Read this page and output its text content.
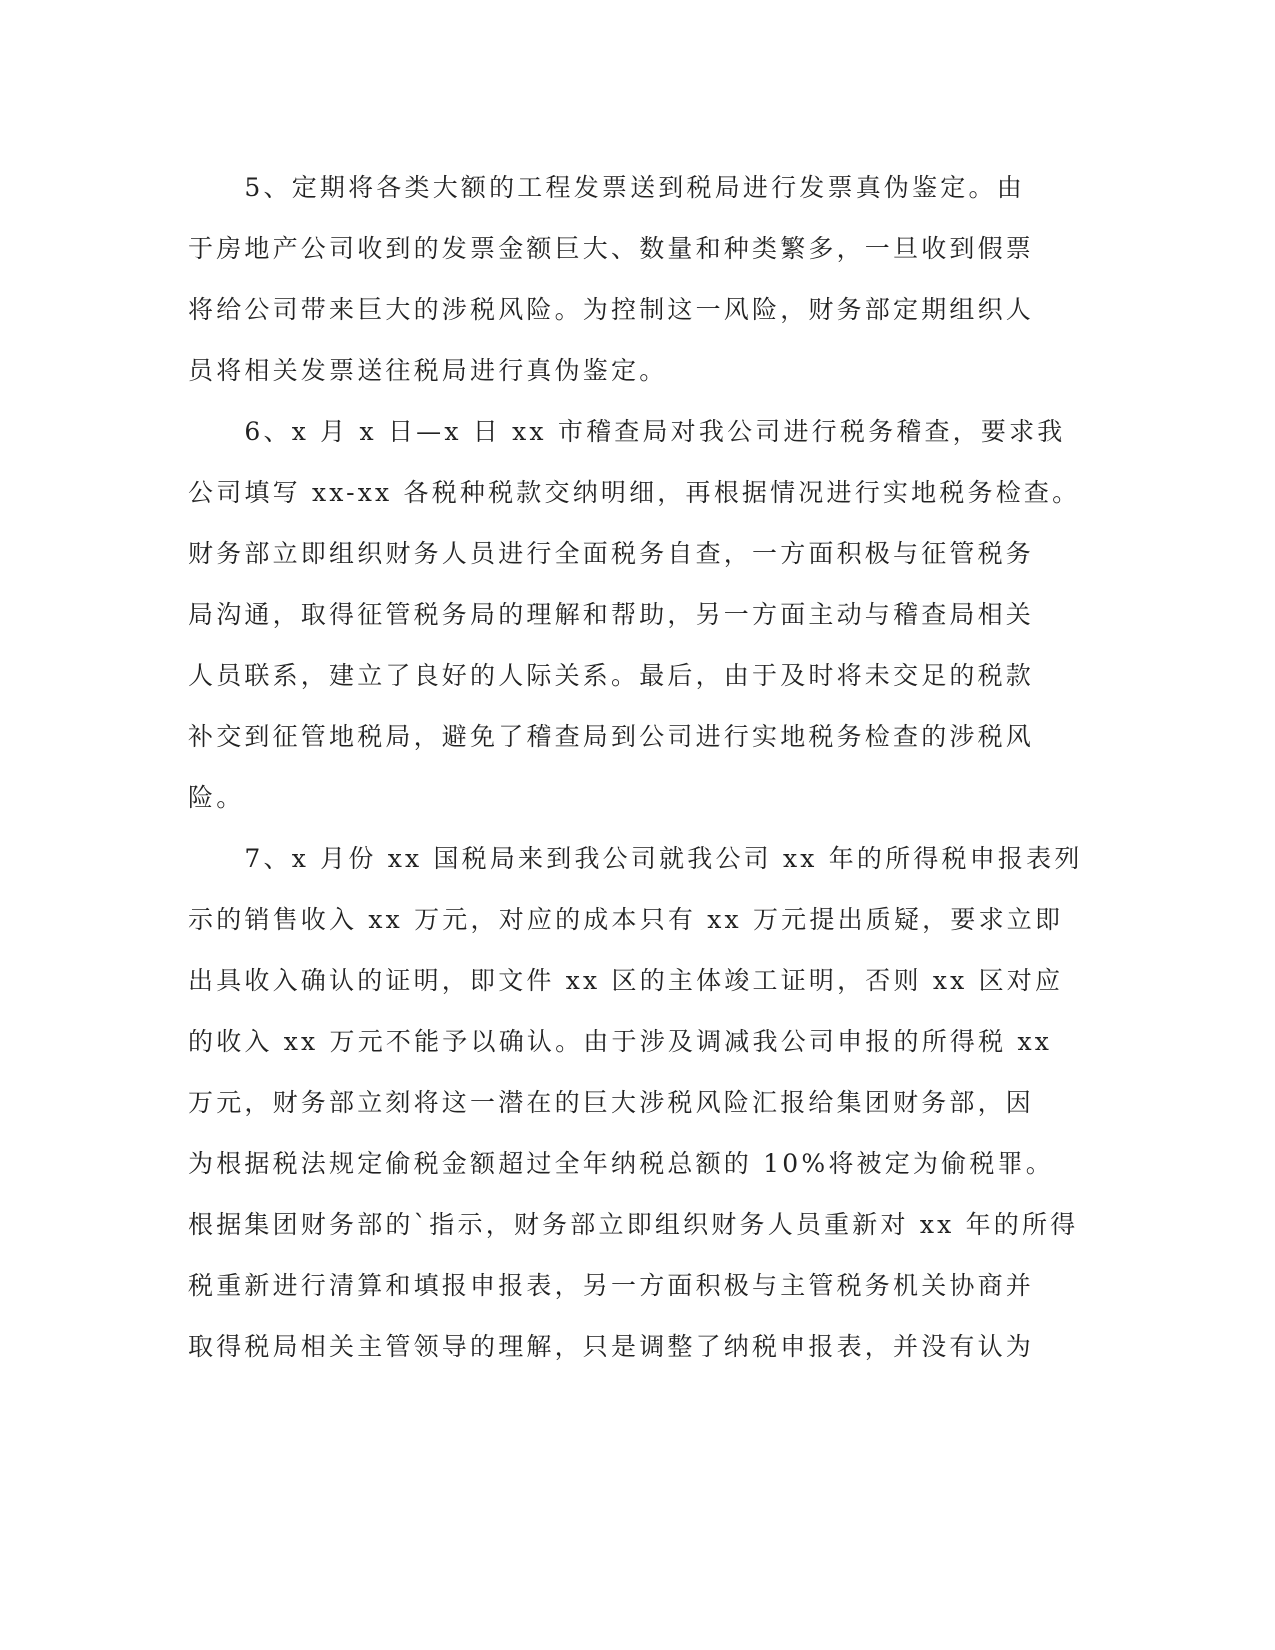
　　5、定期将各类大额的工程发票送到税局进行发票真伪鉴定。由
于房地产公司收到的发票金额巨大、数量和种类繁多，一旦收到假票
将给公司带来巨大的涉税风险。为控制这一风险，财务部定期组织人
员将相关发票送往税局进行真伪鉴定。
　　6、x 月 x 日—x 日 xx 市稽查局对我公司进行税务稽查，要求我
公司填写 xx-xx 各税种税款交纳明细，再根据情况进行实地税务检查。
财务部立即组织财务人员进行全面税务自查，一方面积极与征管税务
局沟通，取得征管税务局的理解和帮助，另一方面主动与稽查局相关
人员联系，建立了良好的人际关系。最后，由于及时将未交足的税款
补交到征管地税局，避免了稽查局到公司进行实地税务检查的涉税风
险。
　　7、x 月份 xx 国税局来到我公司就我公司 xx 年的所得税申报表列
示的销售收入 xx 万元，对应的成本只有 xx 万元提出质疑，要求立即
出具收入确认的证明，即文件 xx 区的主体竣工证明，否则 xx 区对应
的收入 xx 万元不能予以确认。由于涉及调减我公司申报的所得税 xx
万元，财务部立刻将这一潜在的巨大涉税风险汇报给集团财务部，因
为根据税法规定偷税金额超过全年纳税总额的 10%将被定为偷税罪。
根据集团财务部的`指示，财务部立即组织财务人员重新对 xx 年的所得
税重新进行清算和填报申报表，另一方面积极与主管税务机关协商并
取得税局相关主管领导的理解，只是调整了纳税申报表，并没有认为
